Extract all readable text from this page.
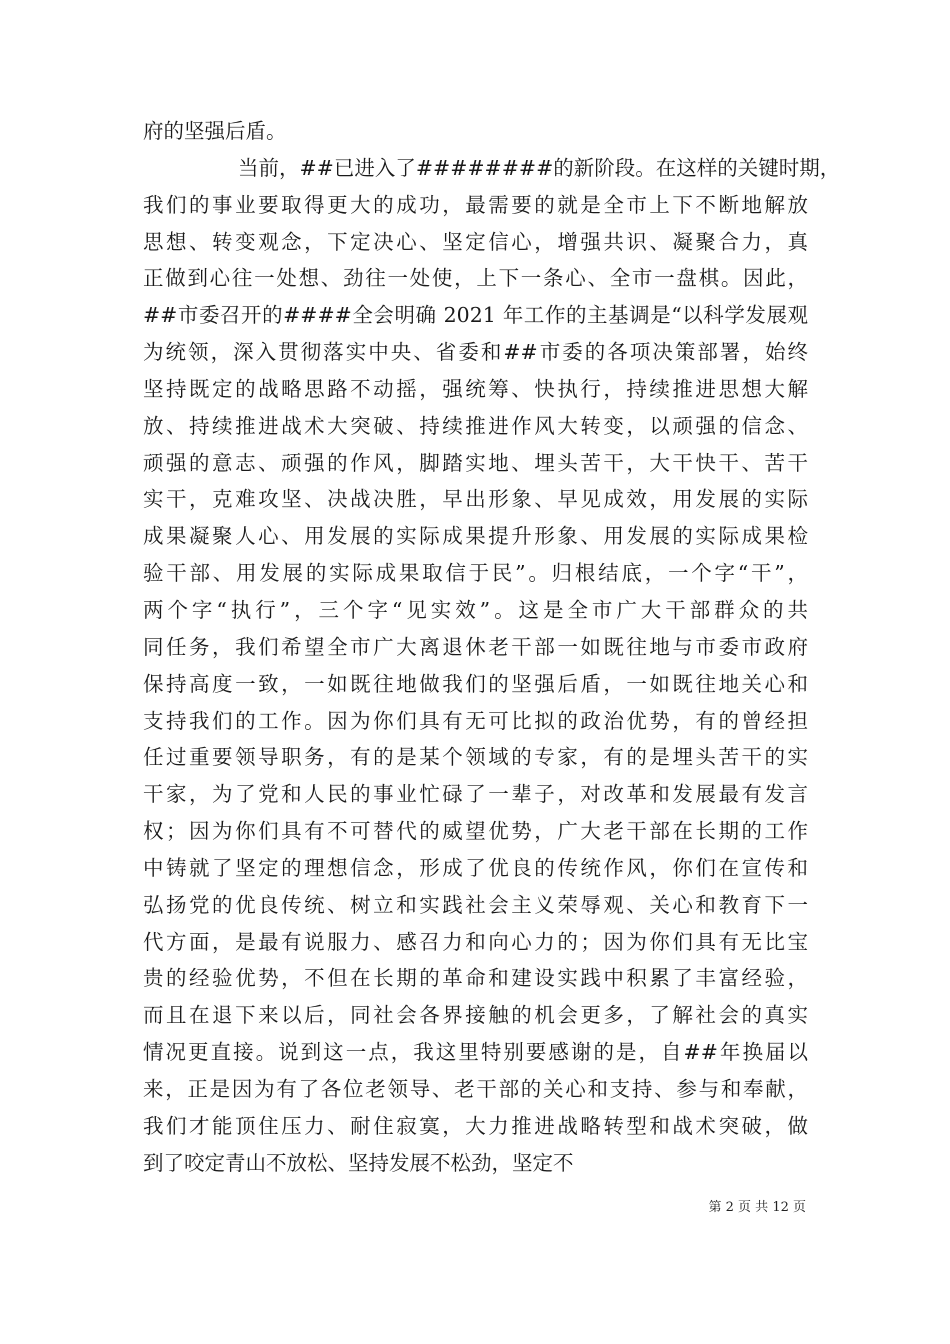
府的坚强后盾。
当前，##已进入了########的新阶段。在这样的关键时期，
我们的事业要取得更大的成功，最需要的就是全市上下不断地解放
思想、转变观念，下定决心、坚定信心，增强共识、凝聚合力，真
正做到心往一处想、劲往一处使，上下一条心、全市一盘棋。因此，
##市委召开的####全会明确 2021 年工作的主基调是“以科学发展观
为统领，深入贯彻落实中央、省委和##市委的各项决策部署，始终
坚持既定的战略思路不动摇，强统筹、快执行，持续推进思想大解
放、持续推进战术大突破、持续推进作风大转变，以顽强的信念、
顽强的意志、顽强的作风，脚踏实地、埋头苦干，大干快干、苦干
实干，克难攻坚、决战决胜，早出形象、早见成效，用发展的实际
成果凝聚人心、用发展的实际成果提升形象、用发展的实际成果检
验干部、用发展的实际成果取信于民”。归根结底，一个字“干”，
两个字“执行”，三个字“见实效”。这是全市广大干部群众的共
同任务，我们希望全市广大离退休老干部一如既往地与市委市政府
保持高度一致，一如既往地做我们的坚强后盾，一如既往地关心和
支持我们的工作。因为你们具有无可比拟的政治优势，有的曾经担
任过重要领导职务，有的是某个领域的专家，有的是埋头苦干的实
干家，为了党和人民的事业忙碌了一辈子，对改革和发展最有发言
权；因为你们具有不可替代的威望优势，广大老干部在长期的工作
中铸就了坚定的理想信念，形成了优良的传统作风，你们在宣传和
弘扬党的优良传统、树立和实践社会主义荣辱观、关心和教育下一
代方面，是最有说服力、感召力和向心力的；因为你们具有无比宝
贵的经验优势，不但在长期的革命和建设实践中积累了丰富经验，
而且在退下来以后，同社会各界接触的机会更多，了解社会的真实
情况更直接。说到这一点，我这里特别要感谢的是，自##年换届以
来，正是因为有了各位老领导、老干部的关心和支持、参与和奉献，
我们才能顶住压力、耐住寂寞，大力推进战略转型和战术突破，做
到了咬定青山不放松、坚持发展不松劲，坚定不
第 2 页 共 12 页
